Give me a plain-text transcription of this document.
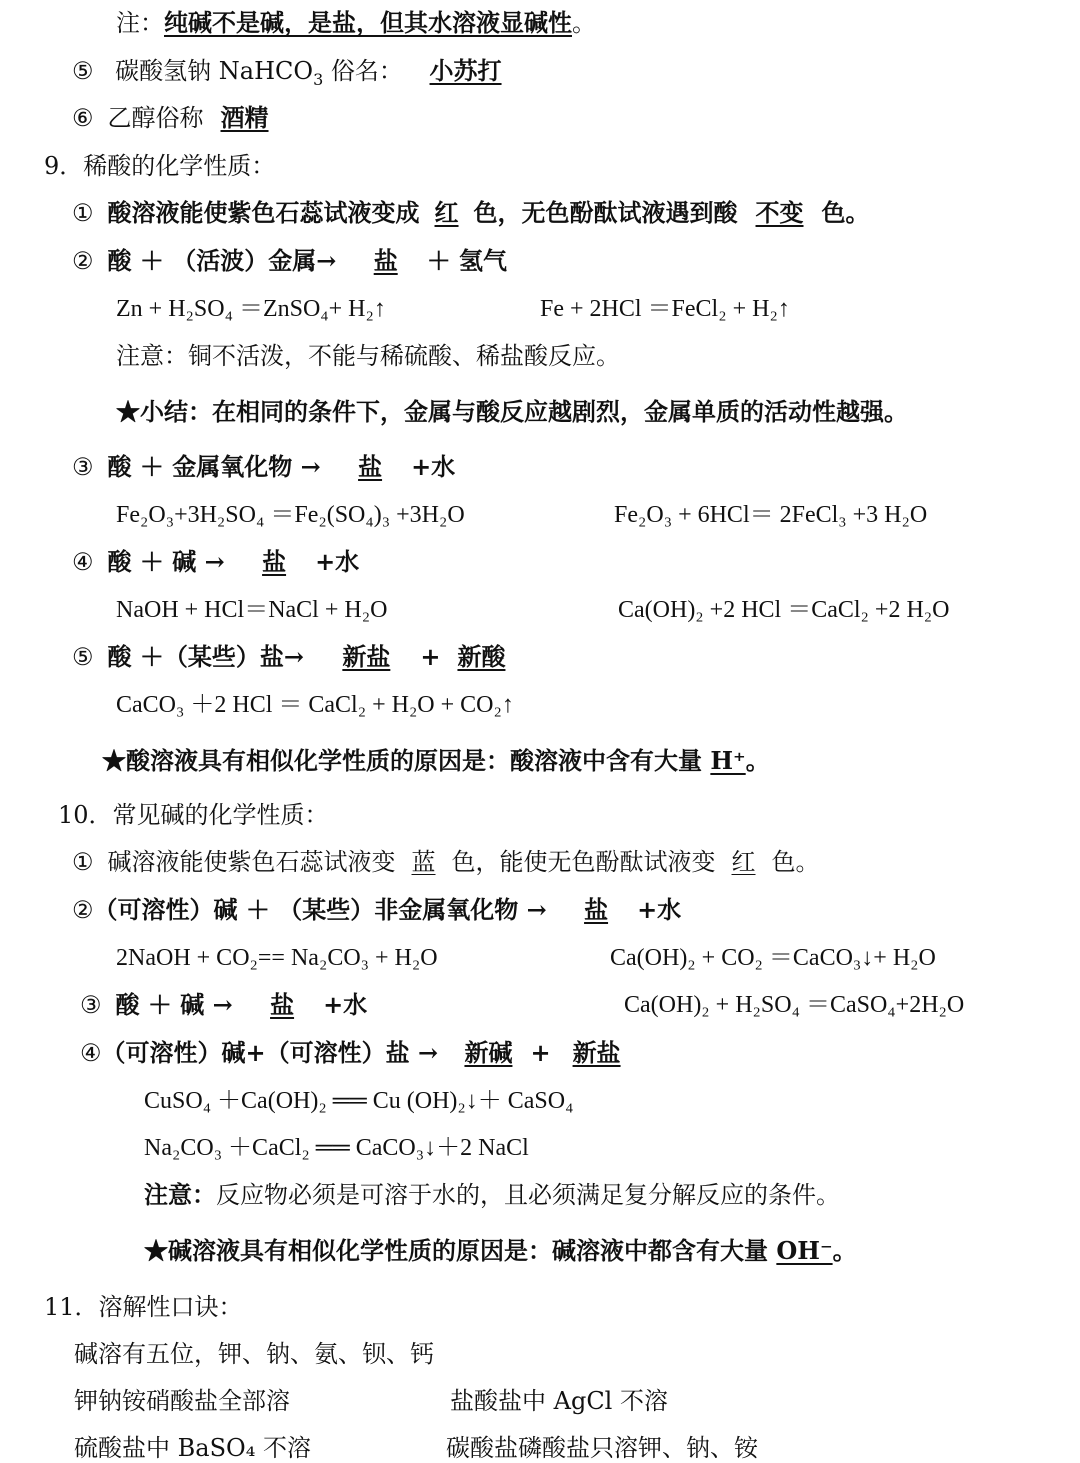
注：纯碱不是碱，是盐，但其水溶液显碱性。
⑤ 碳酸氢钠 NaHCO$_3$ 俗名： 小苏打
⑥ 乙醇俗称 酒精
9．稀酸的化学性质：
① 酸溶液能使紫色石蕊试液变成 红 色，无色酚酞试液遇到酸 不变 色。
② 酸 ＋ （活波）金属→ 盐 ＋ 氢气
Zn + H₂SO₄ ＝ZnSO₄+ H₂↑	Fe + 2HCl ＝FeCl₂ + H₂↑
注意：铜不活泼，不能与稀硫酸、稀盐酸反应。
★小结：在相同的条件下，金属与酸反应越剧烈，金属单质的活动性越强。
③ 酸 ＋ 金属氧化物 → 盐 +水
Fe₂O₃+3H₂SO₄ ＝Fe₂(SO₄)₃ +3H₂O	Fe₂O₃ + 6HCl＝ 2FeCl₃ +3 H₂O
④ 酸 ＋ 碱 → 盐 +水
NaOH + HCl＝NaCl + H₂O	Ca(OH)₂ +2 HCl ＝CaCl₂ +2 H₂O
⑤ 酸 ＋（某些）盐→ 新盐 + 新酸
CaCO₃ ＋2 HCl ＝ CaCl₂ + H₂O + CO₂↑
★酸溶液具有相似化学性质的原因是：酸溶液中含有大量 H⁺。
10．常见碱的化学性质：
① 碱溶液能使紫色石蕊试液变 蓝 色，能使无色酚酞试液变 红 色。
②（可溶性）碱 ＋ （某些）非金属氧化物 → 盐 +水
2NaOH + CO₂== Na₂CO₃ + H₂O	Ca(OH)₂ + CO₂ ＝CaCO₃↓+ H₂O
③ 酸 ＋ 碱 → 盐 +水	Ca(OH)₂ + H₂SO₄ ＝CaSO₄+2H₂O
④（可溶性）碱+（可溶性）盐 → 新碱 + 新盐
CuSO₄ ＋Ca(OH)₂ ══ Cu (OH)₂↓＋ CaSO₄
Na₂CO₃ ＋CaCl₂ ══ CaCO₃↓＋2 NaCl
注意：反应物必须是可溶于水的，且必须满足复分解反应的条件。
★碱溶液具有相似化学性质的原因是：碱溶液中都含有大量 OH⁻。
11．溶解性口诀：
碱溶有五位，钾、钠、氨、钡、钙
钾钠铵硝酸盐全部溶	盐酸盐中 AgCl 不溶
硫酸盐中 BaSO₄ 不溶	碳酸盐磷酸盐只溶钾、钠、铵
